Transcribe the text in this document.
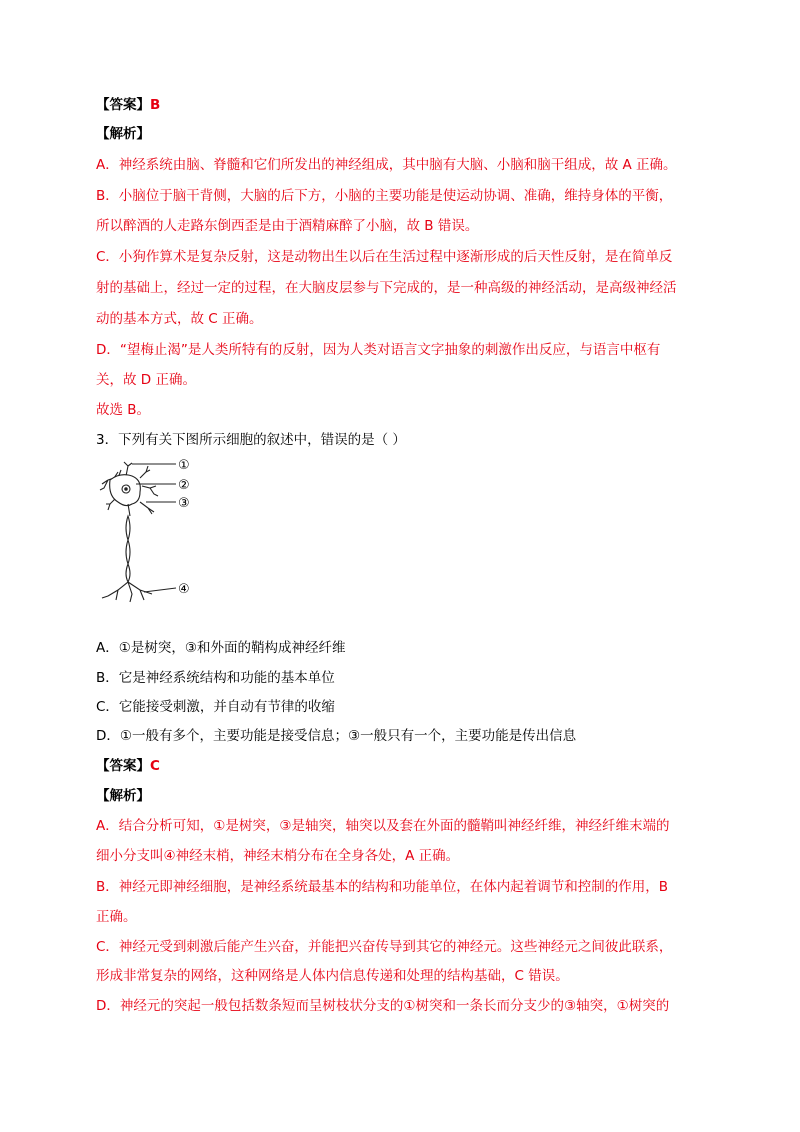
【答案】B
【解析】
A．神经系统由脑、脊髓和它们所发出的神经组成，其中脑有大脑、小脑和脑干组成，故 A 正确。
B．小脑位于脑干背侧，大脑的后下方，小脑的主要功能是使运动协调、准确，维持身体的平衡，
所以醉酒的人走路东倒西歪是由于酒精麻醉了小脑，故 B 错误。
C．小狗作算术是复杂反射，这是动物出生以后在生活过程中逐渐形成的后天性反射，是在简单反
射的基础上，经过一定的过程，在大脑皮层参与下完成的，是一种高级的神经活动，是高级神经活
动的基本方式，故 C 正确。
D．“望梅止渴”是人类所特有的反射，因为人类对语言文字抽象的刺激作出反应，与语言中枢有
关，故 D 正确。
故选 B。
3．下列有关下图所示细胞的叙述中，错误的是（ ）
①
②
③
④
A．①是树突，③和外面的鞘构成神经纤维
B．它是神经系统结构和功能的基本单位
C．它能接受刺激，并自动有节律的收缩
D．①一般有多个，主要功能是接受信息；③一般只有一个，主要功能是传出信息
【答案】C
【解析】
A．结合分析可知，①是树突，③是轴突，轴突以及套在外面的髓鞘叫神经纤维，神经纤维末端的
细小分支叫④神经末梢，神经末梢分布在全身各处，A 正确。
B．神经元即神经细胞，是神经系统最基本的结构和功能单位，在体内起着调节和控制的作用，B
正确。
C．神经元受到刺激后能产生兴奋，并能把兴奋传导到其它的神经元。这些神经元之间彼此联系，
形成非常复杂的网络，这种网络是人体内信息传递和处理的结构基础，C 错误。
D．神经元的突起一般包括数条短而呈树枝状分支的①树突和一条长而分支少的③轴突，①树突的
